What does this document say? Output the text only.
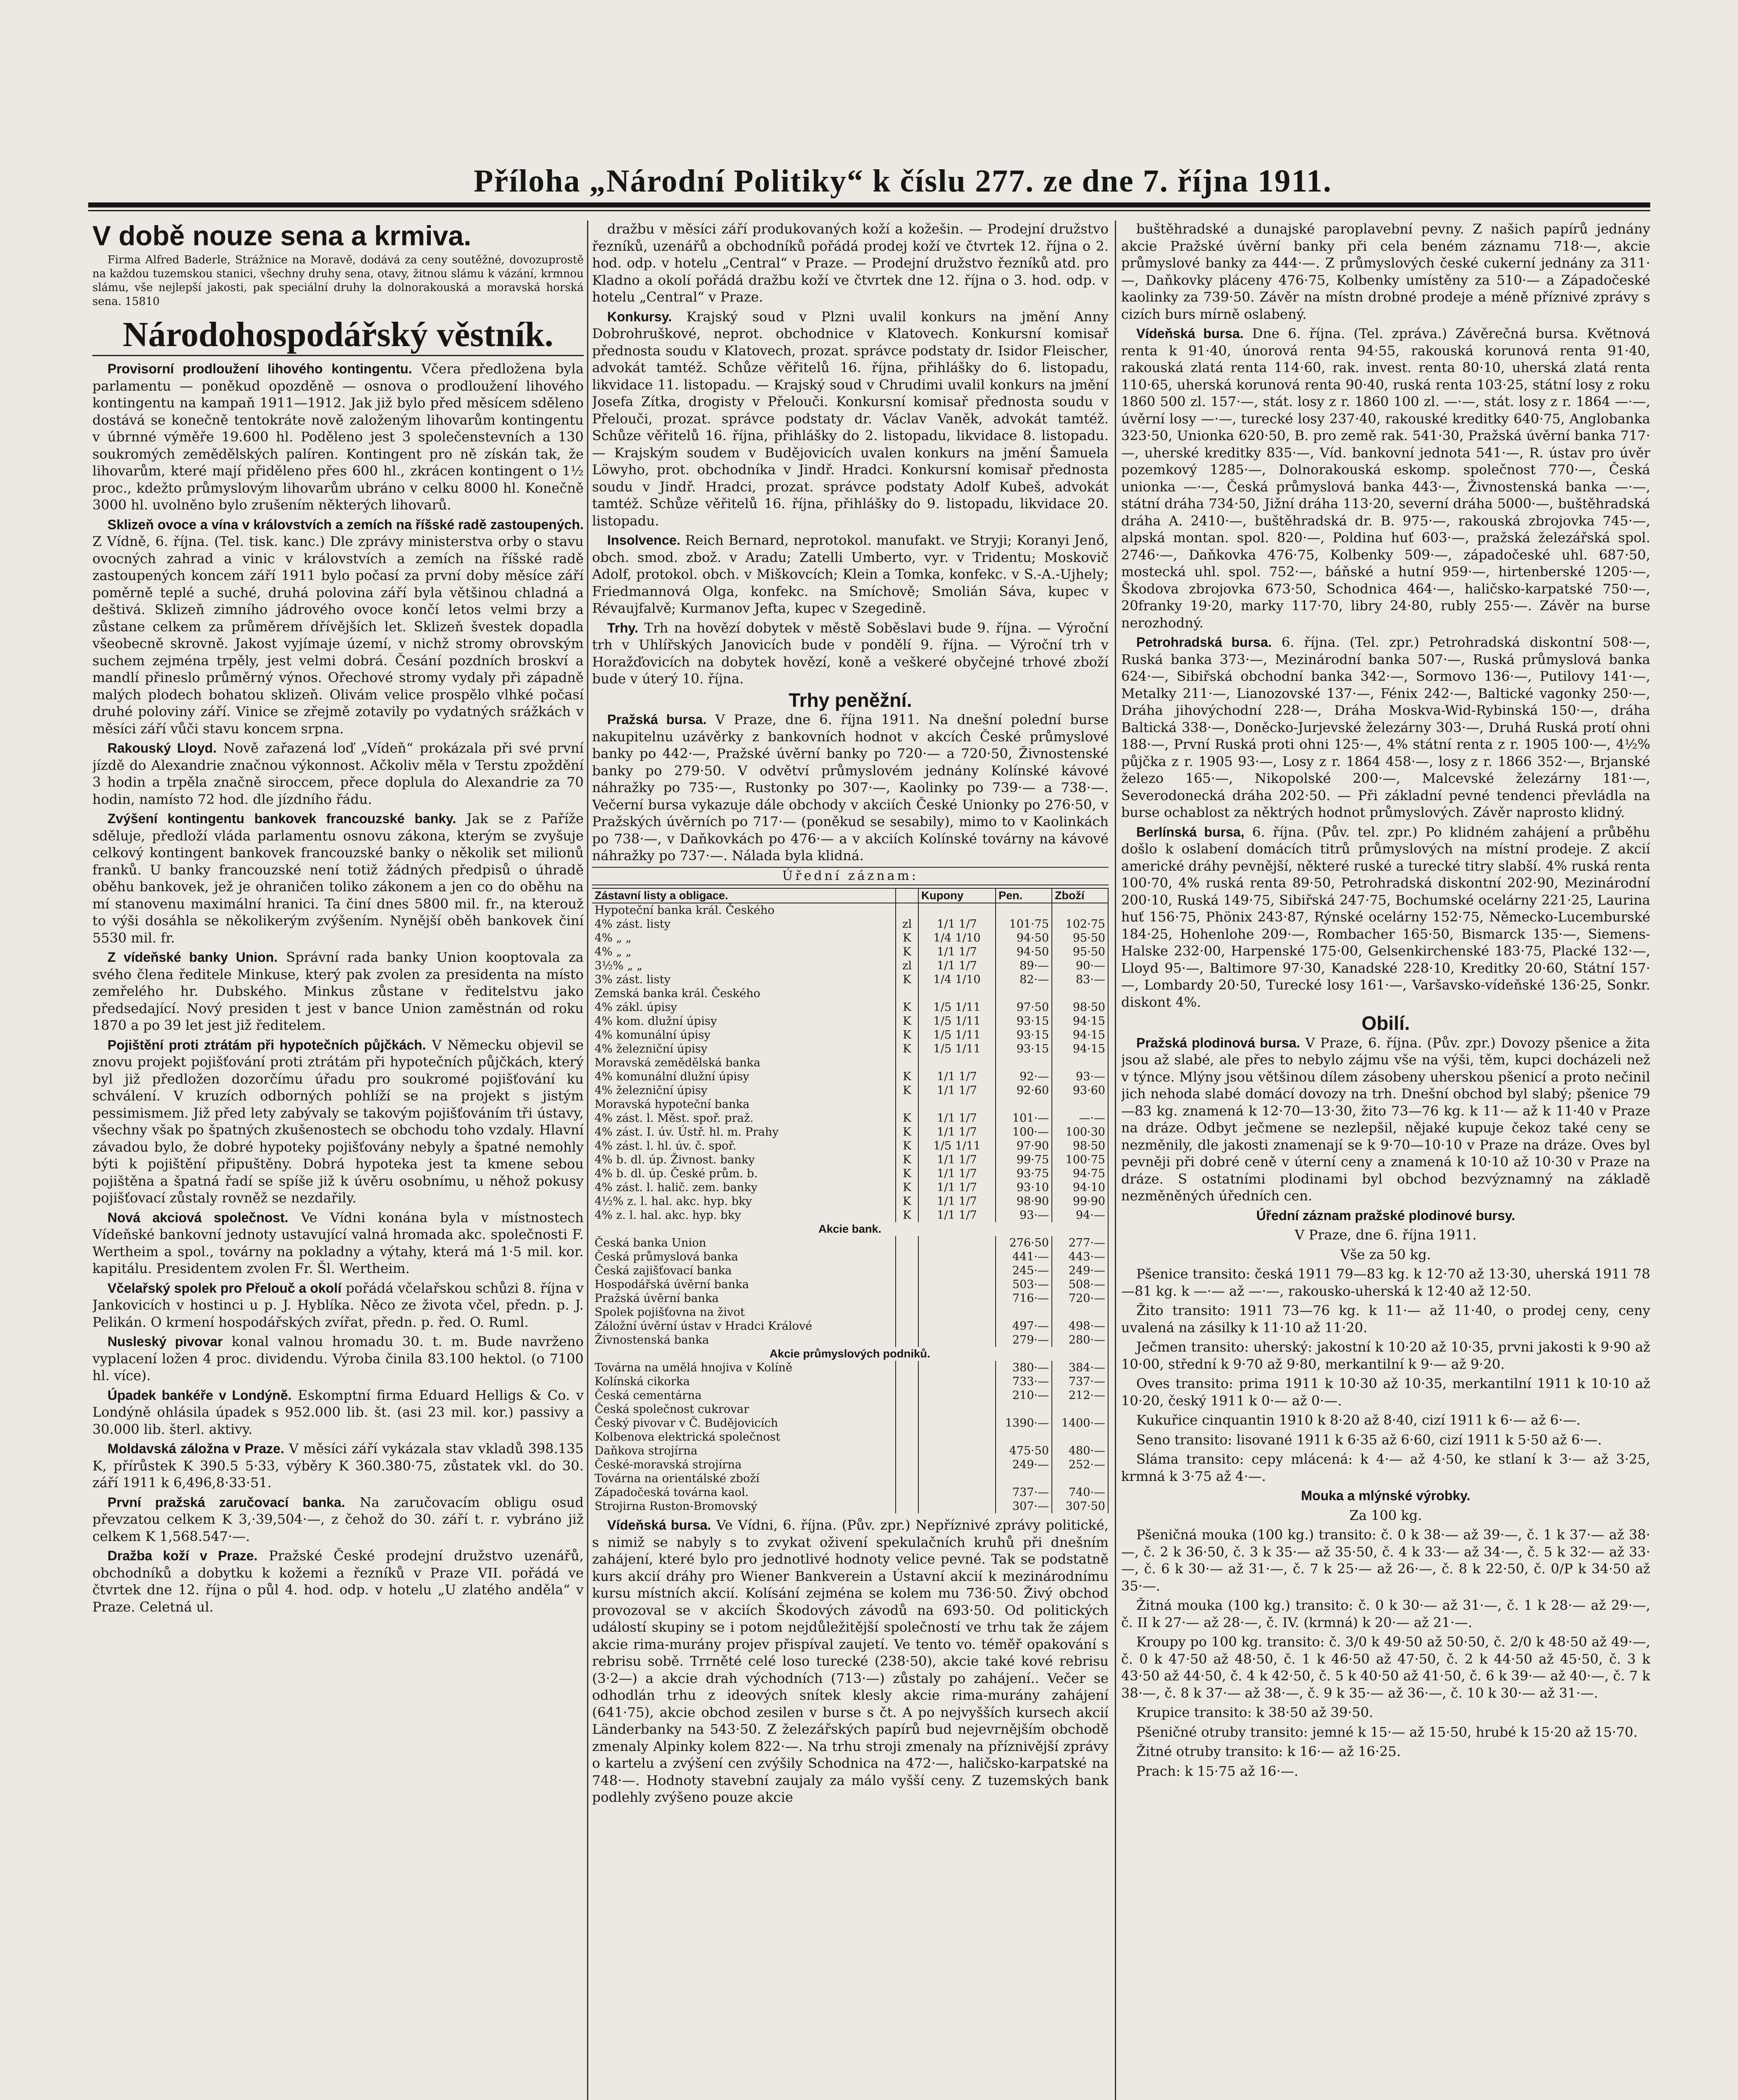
Příloha „Národní Politiky“ k číslu 277. ze dne 7. října 1911.
V době nouze sena a krmiva.

Firma Alfred Baderle, Strážnice na Moravě, dodává za ceny soutěžné, dovozuprostě na každou tuzemskou stanici, všechny druhy sena, otavy, žitnou slámu k vázání, krmnou slámu, vše nejlepší jakosti, pak speciální druhy la dolnorakouská a moravská horská sena. 15810

Národohospodářský věstník.

Provisorní prodloužení lihového kontingentu. Včera předložena byla parlamentu — poněkud opozděně — osnova o prodloužení lihového kontingentu na kampaň 1911—1912. Jak již bylo před měsícem sděleno dostává se konečně tentokráte nově založeným lihovarům kontingentu v úbrnné výměře 19.600 hl. Poděleno jest 3 společenstevních a 130 soukromých zemědělských palíren. Kontingent pro ně získán tak, že lihovarům, které mají přiděleno přes 600 hl., zkrácen kontingent o 1½ proc., kdežto průmyslovým lihovarům ubráno v celku 8000 hl. Konečně 3000 hl. uvolněno bylo zrušením některých lihovarů.

Sklizeň ovoce a vína v královstvích a zemích na říšské radě zastoupených. Z Vídně, 6. října. (Tel. tisk. kanc.) Dle zprávy ministerstva orby o stavu ovocných zahrad a vinic v královstvích a zemích na říšské radě zastoupených koncem září 1911 bylo počasí za první doby měsíce září poměrně teplé a suché, druhá polovina září byla většinou chladná a deštivá. Sklizeň zimního jádrového ovoce končí letos velmi brzy a zůstane celkem za průměrem dřívějších let. Sklizeň švestek dopadla všeobecně skrovně. Jakost vyjímaje území, v nichž stromy obrovským suchem zejména trpěly, jest velmi dobrá. Česání pozdních broskví a mandlí přineslo průměrný výnos. Ořechové stromy vydaly při západně malých plodech bohatou sklizeň. Olivám velice prospělo vlhké počasí druhé poloviny září. Vinice se zřejmě zotavily po vydatných srážkách v měsíci září vůči stavu koncem srpna.

Rakouský Lloyd. Nově zařazená loď „Vídeň“ prokázala při své první jízdě do Alexandrie značnou výkonnost. Ačkoliv měla v Terstu zpoždění 3 hodin a trpěla značně siroccem, přece doplula do Alexandrie za 70 hodin, namísto 72 hod. dle jízdního řádu.

Zvýšení kontingentu bankovek francouzské banky. Jak se z Paříže sděluje, předloží vláda parlamentu osnovu zákona, kterým se zvyšuje celkový kontingent bankovek francouzské banky o několik set milionů franků. U banky francouzské není totiž žádných předpisů o úhradě oběhu bankovek, jež je ohraničen toliko zákonem a jen co do oběhu na mí stanovenu maximální hranici. Ta činí dnes 5800 mil. fr., na kterouž to výši dosáhla se několikerým zvýšením. Nynější oběh bankovek činí 5530 mil. fr.

Z vídeňské banky Union. Správní rada banky Union kooptovala za svého člena ředitele Minkuse, který pak zvolen za presidenta na místo zemřelého hr. Dubského. Minkus zůstane v ředitelstvu jako předsedající. Nový presiden t jest v bance Union zaměstnán od roku 1870 a po 39 let jest již ředitelem.

Pojištění proti ztrátám při hypotečních půjčkách. V Německu objevil se znovu projekt pojišťování proti ztrátám při hypotečních půjčkách, který byl již předložen dozorčímu úřadu pro soukromé pojišťování ku schválení. V kruzích odborných pohlíží se na projekt s jistým pessimismem. Již před lety zabývaly se takovým pojišťováním tři ústavy, všechny však po špatných zkušenostech se obchodu toho vzdaly. Hlavní závadou bylo, že dobré hypoteky pojišťovány nebyly a špatné nemohly býti k pojištění připuštěny. Dobrá hypoteka jest ta kmene sebou pojištěna a špatná řadí se spíše již k úvěru osobnímu, u něhož pokusy pojišťovací zůstaly rovněž se nezdařily.

Nová akciová společnost. Ve Vídni konána byla v místnostech Vídeňské bankovní jednoty ustavující valná hromada akc. společnosti F. Wertheim a spol., továrny na pokladny a výtahy, která má 1·5 mil. kor. kapitálu. Presidentem zvolen Fr. Šl. Wertheim.

Včelařský spolek pro Přelouč a okolí pořádá včelařskou schůzi 8. října v Jankovicích v hostinci u p. J. Hyblíka. Něco ze života včel, předn. p. J. Pelikán. O krmení hospodářských zvířat, předn. p. řed. O. Ruml.

Nusleský pivovar konal valnou hromadu 30. t. m. Bude navrženo vyplacení ložen 4 proc. dividendu. Výroba činila 83.100 hektol. (o 7100 hl. více).

Úpadek bankéře v Londýně. Eskomptní firma Eduard Helligs & Co. v Londýně ohlásila úpadek s 952.000 lib. št. (asi 23 mil. kor.) passivy a 30.000 lib. šterl. aktivy.

Moldavská záložna v Praze. V měsíci září vykázala stav vkladů 398.135 K, přírůstek K 390.5 5·33, výběry K 360.380·75, zůstatek vkl. do 30. září 1911 k 6,496,8·33·51.

První pražská zaručovací banka. Na zaručovacím obligu osud převzatou celkem K 3,·39,504·—, z čehož do 30. září t. r. vybráno již celkem K 1,568.547·—.

Dražba koží v Praze. Pražské České prodejní družstvo uzenářů, obchodníků a dobytku k kožemi a řezníků v Praze VII. pořádá ve čtvrtek dne 12. října o půl 4. hod. odp. v hotelu „U zlatého anděla“ v Praze. Celetná ul.

dražbu v měsíci září produkovaných koží a kožešin. — Prodejní družstvo řezníků, uzenářů a obchodníků pořádá prodej koží ve čtvrtek 12. října o 2. hod. odp. v hotelu „Central“ v Praze. — Prodejní družstvo řezníků atd. pro Kladno a okolí pořádá dražbu koží ve čtvrtek dne 12. října o 3. hod. odp. v hotelu „Central“ v Praze.

Konkursy. Krajský soud v Plzni uvalil konkurs na jmění Anny Dobrohruškové, neprot. obchodnice v Klatovech. Konkursní komisař přednosta soudu v Klatovech, prozat. správce podstaty dr. Isidor Fleischer, advokát tamtéž. Schůze věřitelů 16. října, přihlášky do 6. listopadu, likvidace 11. listopadu. — Krajský soud v Chrudimi uvalil konkurs na jmění Josefa Zítka, drogisty v Přelouči. Konkursní komisař přednosta soudu v Přelouči, prozat. správce podstaty dr. Václav Vaněk, advokát tamtéž. Schůze věřitelů 16. října, přihlášky do 2. listopadu, likvidace 8. listopadu. — Krajským soudem v Budějovicích uvalen konkurs na jmění Šamuela Löwyho, prot. obchodníka v Jindř. Hradci. Konkursní komisař přednosta soudu v Jindř. Hradci, prozat. správce podstaty Adolf Kubeš, advokát tamtéž. Schůze věřitelů 16. října, přihlášky do 9. listopadu, likvidace 20. listopadu.

Insolvence. Reich Bernard, neprotokol. manufakt. ve Stryji; Koranyi Jenő, obch. smod. zbož. v Aradu; Zatelli Umberto, vyr. v Tridentu; Moskovič Adolf, protokol. obch. v Miškovcích; Klein a Tomka, konfekc. v S.-A.-Ujhely; Friedmannová Olga, konfekc. na Smíchově; Smolián Sáva, kupec v Révaujfalvě; Kurmanov Jefta, kupec v Szegedině.

Trhy. Trh na hovězí dobytek v městě Soběslavi bude 9. října. — Výroční trh v Uhlířských Janovicích bude v pondělí 9. října. — Výroční trh v Horažďovicích na dobytek hovězí, koně a veškeré obyčejné trhové zboží bude v úterý 10. října.

Trhy peněžní.

Pražská bursa. V Praze, dne 6. října 1911. Na dnešní polední burse nakupitelnu uzávěrky z bankovních hodnot v akcích České průmyslové banky po 442·—, Pražské úvěrní banky po 720·— a 720·50, Živnostenské banky po 279·50. V odvětví průmyslovém jednány Kolínské kávové náhražky po 735·—, Rustonky po 307·—, Kaolinky po 739·— a 738·—. Večerní bursa vykazuje dále obchody v akciích České Unionky po 276·50, v Pražských úvěrních po 717·— (poněkud se sesabily), mimo to v Kaolinkách po 738·—, v Daňkovkách po 476·— a v akciích Kolínské továrny na kávové náhražky po 737·—. Nálada byla klidná.

Úřední záznam:
Zástavní listy a obligace.		Kupony	Pen.	Zboží
Hypoteční banka král. Českého				
4% zást. listy	zl	1/1 1/7	101·75	102·75
4% „ „	K	1/4 1/10	94·50	95·50
4% „ „	K	1/1 1/7	94·50	95·50
3½% „ „	zl	1/1 1/7	89·—	90·—
3% zást. listy	K	1/4 1/10	82·—	83·—
Zemská banka král. Českého				
4% zákl. úpisy	K	1/5 1/11	97·50	98·50
4% kom. dlužní úpisy	K	1/5 1/11	93·15	94·15
4% komunální úpisy	K	1/5 1/11	93·15	94·15
4% železniční úpisy	K	1/5 1/11	93·15	94·15
Moravská zemědělská banka				
4% komunální dlužní úpisy	K	1/1 1/7	92·—	93·—
4% železniční úpisy	K	1/1 1/7	92·60	93·60
Moravská hypoteční banka				
4% zást. l. Měst. spoř. praž.	K	1/1 1/7	101·—	—·—
4% zást. I. úv. Ústř. hl. m. Prahy	K	1/1 1/7	100·—	100·30
4% zást. l. hl. úv. č. spoř.	K	1/5 1/11	97·90	98·50
4% b. dl. úp. Živnost. banky	K	1/1 1/7	99·75	100·75
4% b. dl. úp. České prům. b.	K	1/1 1/7	93·75	94·75
4% zást. l. halič. zem. banky	K	1/1 1/7	93·10	94·10
4½% z. l. hal. akc. hyp. bky	K	1/1 1/7	98·90	99·90
4% z. l. hal. akc. hyp. bky	K	1/1 1/7	93·—	94·—
Akcie bank.				
Česká banka Union			276·50	277·—
Česká průmyslová banka			441·—	443·—
Česká zajišťovací banka			245·—	249·—
Hospodářská úvěrní banka			503·—	508·—
Pražská úvěrní banka			716·—	720·—
Spolek pojišťovna na život				
Záložní úvěrní ústav v Hradci Králové			497·—	498·—
Živnostenská banka			279·—	280·—
Akcie průmyslových podniků.				
Továrna na umělá hnojiva v Kolíně			380·—	384·—
Kolínská cikorka			733·—	737·—
Česká cementárna			210·—	212·—
Česká společnost cukrovar				
Český pivovar v Č. Budějovicích			1390·—	1400·—
Kolbenova elektrická společnost				
Daňkova strojírna			475·50	480·—
České-moravská strojírna			249·—	252·—
Továrna na orientálské zboží				
Západočeská továrna kaol.			737·—	740·—
Strojirna Ruston-Bromovský			307·—	307·50

Vídeňská bursa. Ve Vídni, 6. října. (Pův. zpr.) Nepříznivé zprávy politické, s nimiž se nabyly s to zvykat oživení spekulačních kruhů při dnešním zahájení, které bylo pro jednotlivé hodnoty velice pevné. Tak se podstatně kurs akcií dráhy pro Wiener Bankverein a Ústavní akcií k mezinárodnímu kursu místních akcií. Kolísání zejména se kolem mu 736·50. Živý obchod provozoval se v akciích Škodových závodů na 693·50. Od politických událostí skupiny se i potom nejdůležitější společností ve trhu tak že zájem akcie rima-murány projev přispíval zaujetí. Ve tento vo. téměř opakování s rebrisu sobě. Trrněté celé loso turecké (238·50), akcie také kové rebrisu (3·2—) a akcie drah východních (713·—) zůstaly po zahájení.. Večer se odhodlán trhu z ideových snítek klesly akcie rima-murány zahájení (641·75), akcie obchod zesilen v burse s čt. A po nejvyšších kursech akcií Länderbanky na 543·50. Z železářských papírů bud nejevrnějším obchodě zmenaly Alpinky kolem 822·—. Na trhu stroji zmenaly na příznivější zprávy o kartelu a zvýšení cen zvýšily Schodnica na 472·—, haličsko-karpatské na 748·—. Hodnoty stavební zaujaly za málo vyšší ceny. Z tuzemských bank podlehly zvýšeno pouze akcie

buštěhradské a dunajské paroplavební pevny. Z našich papírů jednány akcie Pražské úvěrní banky při cela beném záznamu 718·—, akcie průmyslové banky za 444·—. Z průmyslových české cukerní jednány za 311·—, Daňkovky pláceny 476·75, Kolbenky umístěny za 510·— a Západočeské kaolinky za 739·50. Závěr na místn drobné prodeje a méně příznivé zprávy s cizích burs mírně oslabený.

Vídeňská bursa. Dne 6. října. (Tel. zpráva.) Závěrečná bursa. Květnová renta k 91·40, únorová renta 94·55, rakouská korunová renta 91·40, rakouská zlatá renta 114·60, rak. invest. renta 80·10, uherská zlatá renta 110·65, uherská korunová renta 90·40, ruská renta 103·25, státní losy z roku 1860 500 zl. 157·—, stát. losy z r. 1860 100 zl. —·—, stát. losy z r. 1864 —·—, úvěrní losy —·—, turecké losy 237·40, rakouské kreditky 640·75, Anglobanka 323·50, Unionka 620·50, B. pro země rak. 541·30, Pražská úvěrní banka 717·—, uherské kreditky 835·—, Víd. bankovní jednota 541·—, R. ústav pro úvěr pozemkový 1285·—, Dolnorakouská eskomp. společnost 770·—, Česká unionka —·—, Česká průmyslová banka 443·—, Živnostenská banka —·—, státní dráha 734·50, Jižní dráha 113·20, severní dráha 5000·—, buštěhradská dráha A. 2410·—, buštěhradská dr. B. 975·—, rakouská zbrojovka 745·—, alpská montan. spol. 820·—, Poldina huť 603·—, pražská železářská spol. 2746·—, Daňkovka 476·75, Kolbenky 509·—, západočeské uhl. 687·50, mostecká uhl. spol. 752·—, báňské a hutní 959·—, hirtenberské 1205·—, Škodova zbrojovka 673·50, Schodnica 464·—, haličsko-karpatské 750·—, 20franky 19·20, marky 117·70, libry 24·80, rubly 255·—. Závěr na burse nerozhodný.

Petrohradská bursa. 6. října. (Tel. zpr.) Petrohradská diskontní 508·—, Ruská banka 373·—, Mezinárodní banka 507·—, Ruská průmyslová banka 624·—, Sibiřská obchodní banka 342·—, Sormovo 136·—, Putilovy 141·—, Metalky 211·—, Lianozovské 137·—, Fénix 242·—, Baltické vagonky 250·—, Dráha jihovýchodní 228·—, Dráha Moskva-Wid-Rybinská 150·—, dráha Baltická 338·—, Doněcko-Jurjevské železárny 303·—, Druhá Ruská protí ohni 188·—, První Ruská proti ohni 125·—, 4% státní renta z r. 1905 100·—, 4½% půjčka z r. 1905 93·—, Losy z r. 1864 458·—, losy z r. 1866 352·—, Brjanské železo 165·—, Nikopolské 200·—, Malcevské železárny 181·—, Severodonecká dráha 202·50. — Při základní pevné tendenci převládla na burse ochablost za něktrých hodnot průmyslových. Závěr naprosto klidný.

Berlínská bursa, 6. října. (Pův. tel. zpr.) Po klidném zahájení a průběhu došlo k oslabení domácích titrů průmyslových na místní prodeje. Z akcií americké dráhy pevnější, některé ruské a turecké titry slabší. 4% ruská renta 100·70, 4% ruská renta 89·50, Petrohradská diskontní 202·90, Mezinárodní 200·10, Ruská 149·75, Sibiřská 247·75, Bochumské ocelárny 221·25, Laurina huť 156·75, Phönix 243·87, Rýnské ocelárny 152·75, Německo-Lucemburské 184·25, Hohenlohe 209·—, Rombacher 165·50, Bismarck 135·—, Siemens-Halske 232·00, Harpenské 175·00, Gelsenkirchenské 183·75, Placké 132·—, Lloyd 95·—, Baltimore 97·30, Kanadské 228·10, Kreditky 20·60, Státní 157·—, Lombardy 20·50, Turecké losy 161·—, Varšavsko-vídeňské 136·25, Sonkr. diskont 4%.

Obilí.

Pražská plodinová bursa. V Praze, 6. října. (Pův. zpr.) Dovozy pšenice a žita jsou až slabé, ale přes to nebylo zájmu vše na výši, těm, kupci docházeli než v týnce. Mlýny jsou většinou dílem zásobeny uherskou pšenicí a proto nečinil jich nehoda slabé domácí dovozy na trh. Dnešní obchod byl slabý; pšenice 79—83 kg. znamená k 12·70—13·30, žito 73—76 kg. k 11·— až k 11·40 v Praze na dráze. Odbyt ječmene se nezlepšil, nějaké kupuje čekoz také ceny se nezměnily, dle jakosti znamenají se k 9·70—10·10 v Praze na dráze. Oves byl pevněji při dobré ceně v úterní ceny a znamená k 10·10 až 10·30 v Praze na dráze. S ostatními plodinami byl obchod bezvýznamný na základě nezměněných úředních cen.

Úřední záznam pražské plodinové bursy.

V Praze, dne 6. října 1911.

Vše za 50 kg.

Pšenice transito: česká 1911 79—83 kg. k 12·70 až 13·30, uherská 1911 78—81 kg. k —·— až —·—, rakousko-uherská k 12·40 až 12·50.

Žito transito: 1911 73—76 kg. k 11·— až 11·40, o prodej ceny, ceny uvalená na zásilky k 11·10 až 11·20.

Ječmen transito: uherský: jakostní k 10·20 až 10·35, prvni jakosti k 9·90 až 10·00, střední k 9·70 až 9·80, merkantilní k 9·— až 9·20.

Oves transito: prima 1911 k 10·30 až 10·35, merkantilní 1911 k 10·10 až 10·20, český 1911 k 0·— až 0·—.

Kukuřice cinquantin 1910 k 8·20 až 8·40, cizí 1911 k 6·— až 6·—.

Seno transito: lisované 1911 k 6·35 až 6·60, cizí 1911 k 5·50 až 6·—.

Sláma transito: cepy mlácená: k 4·— až 4·50, ke stlaní k 3·— až 3·25, krmná k 3·75 až 4·—.

Mouka a mlýnské výrobky.

Za 100 kg.

Pšeničná mouka (100 kg.) transito: č. 0 k 38·— až 39·—, č. 1 k 37·— až 38·—, č. 2 k 36·50, č. 3 k 35·— až 35·50, č. 4 k 33·— až 34·—, č. 5 k 32·— až 33·—, č. 6 k 30·— až 31·—, č. 7 k 25·— až 26·—, č. 8 k 22·50, č. 0/P k 34·50 až 35·—.

Žitná mouka (100 kg.) transito: č. 0 k 30·— až 31·—, č. 1 k 28·— až 29·—, č. II k 27·— až 28·—, č. IV. (krmná) k 20·— až 21·—.

Kroupy po 100 kg. transito: č. 3/0 k 49·50 až 50·50, č. 2/0 k 48·50 až 49·—, č. 0 k 47·50 až 48·50, č. 1 k 46·50 až 47·50, č. 2 k 44·50 až 45·50, č. 3 k 43·50 až 44·50, č. 4 k 42·50, č. 5 k 40·50 až 41·50, č. 6 k 39·— až 40·—, č. 7 k 38·—, č. 8 k 37·— až 38·—, č. 9 k 35·— až 36·—, č. 10 k 30·— až 31·—.

Krupice transito: k 38·50 až 39·50.

Pšeničné otruby transito: jemné k 15·— až 15·50, hrubé k 15·20 až 15·70.

Žitné otruby transito: k 16·— až 16·25.

Prach: k 15·75 až 16·—.
